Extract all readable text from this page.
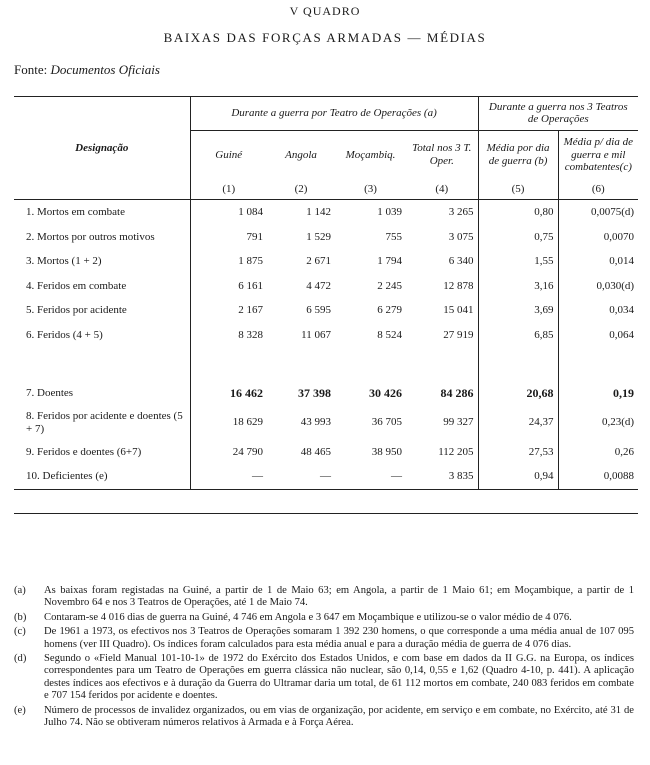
V QUADRO
BAIXAS DAS FORÇAS ARMADAS — MÉDIAS
Fonte: Documentos Oficiais
Designação	Durante a guerra por Teatro de Operações (a)				Durante a guerra nos 3 Teatros de Operações	
	Guiné	Angola	Moçambiq.	Total nos 3 T. Oper.	Média por dia de guerra (b)	Média p/ dia de guerra e mil combatentes(c)
	(1)	(2)	(3)	(4)	(5)	(6)
1. Mortos em combate	1 084	1 142	1 039	3 265	0,80	0,0075(d)
2. Mortos por outros motivos	791	1 529	755	3 075	0,75	0,0070
3. Mortos (1 + 2)	1 875	2 671	1 794	6 340	1,55	0,014
4. Feridos em combate	6 161	4 472	2 245	12 878	3,16	0,030(d)
5. Feridos por acidente	2 167	6 595	6 279	15 041	3,69	0,034
6. Feridos (4 + 5)	8 328	11 067	8 524	27 919	6,85	0,064

7. Doentes	16 462	37 398	30 426	84 286	20,68	0,19
8. Feridos por acidente e doentes (5 + 7)	18 629	43 993	36 705	99 327	24,37	0,23(d)
9. Feridos e doentes (6+7)	24 790	48 465	38 950	112 205	27,53	0,26
10. Deficientes (e)	—	—	—	3 835	0,94	0,0088
(a)	As baixas foram registadas na Guiné, a partir de 1 de Maio 63; em Angola, a partir de 1 Maio 61; em Moçambique, a partir de 1 Novembro 64 e nos 3 Teatros de Operações, até 1 de Maio 74.
(b)	Contaram-se 4 016 dias de guerra na Guiné, 4 746 em Angola e 3 647 em Moçambique e utilizou-se o valor médio de 4 076.
(c)	De 1961 a 1973, os efectivos nos 3 Teatros de Operações somaram 1 392 230 homens, o que corresponde a uma média anual de 107 095 homens (ver III Quadro). Os índices foram calculados para esta média anual e para a duração média de guerra de 4 076 dias.
(d)	Segundo o «Field Manual 101-10-1» de 1972 do Exército dos Estados Unidos, e com base em dados da II G.G. na Europa, os índices correspondentes para um Teatro de Operações em guerra clássica não nuclear, são 0,14, 0,55 e 1,62 (Quadro 4-10, p. 441). A aplicação destes índices aos efectivos e à duração da Guerra do Ultramar daria um total, de 61 112 mortos em combate, 240 083 feridos em combate e 707 154 feridos por acidente e doentes.
(e)	Número de processos de invalidez organizados, ou em vias de organização, por acidente, em serviço e em combate, no Exército, até 31 de Julho 74. Não se obtiveram números relativos à Armada e à Força Aérea.
